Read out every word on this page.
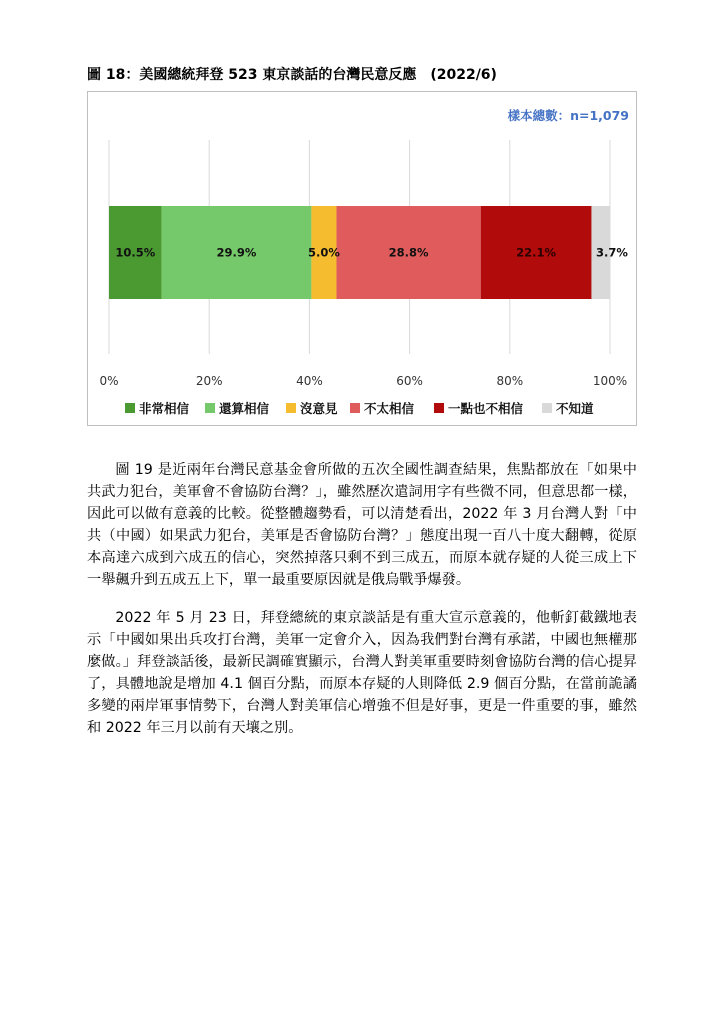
圖 18：美國總統拜登 523 東京談話的台灣民意反應　(2022/6)
樣本總數：n=1,079
10.5%	29.9%	5.0%	28.8%	22.1%	3.7%
0%	20%	40%	60%	80%	100%
非常相信 還算相信 沒意見 不太相信	一點也不相信	不知道

圖 19 是近兩年台灣民意基金會所做的五次全國性調查結果，焦點都放在「如果中共武力犯台，美軍會不會協防台灣？」，雖然歷次遣詞用字有些微不同，但意思都一樣，因此可以做有意義的比較。從整體趨勢看，可以清楚看出，2022 年 3 月台灣人對「中共（中國）如果武力犯台，美軍是否會協防台灣？」態度出現一百八十度大翻轉，從原本高達六成到六成五的信心，突然掉落只剩不到三成五，而原本就存疑的人從三成上下一舉飆升到五成五上下，單一最重要原因就是俄烏戰爭爆發。

2022 年 5 月 23 日，拜登總統的東京談話是有重大宣示意義的，他斬釘截鐵地表示「中國如果出兵攻打台灣，美軍一定會介入，因為我們對台灣有承諾，中國也無權那麼做。」拜登談話後，最新民調確實顯示，台灣人對美軍重要時刻會協防台灣的信心提昇了，具體地說是增加 4.1 個百分點，而原本存疑的人則降低 2.9 個百分點，在當前詭譎多變的兩岸軍事情勢下，台灣人對美軍信心增強不但是好事，更是一件重要的事，雖然和 2022 年三月以前有天壤之別。
